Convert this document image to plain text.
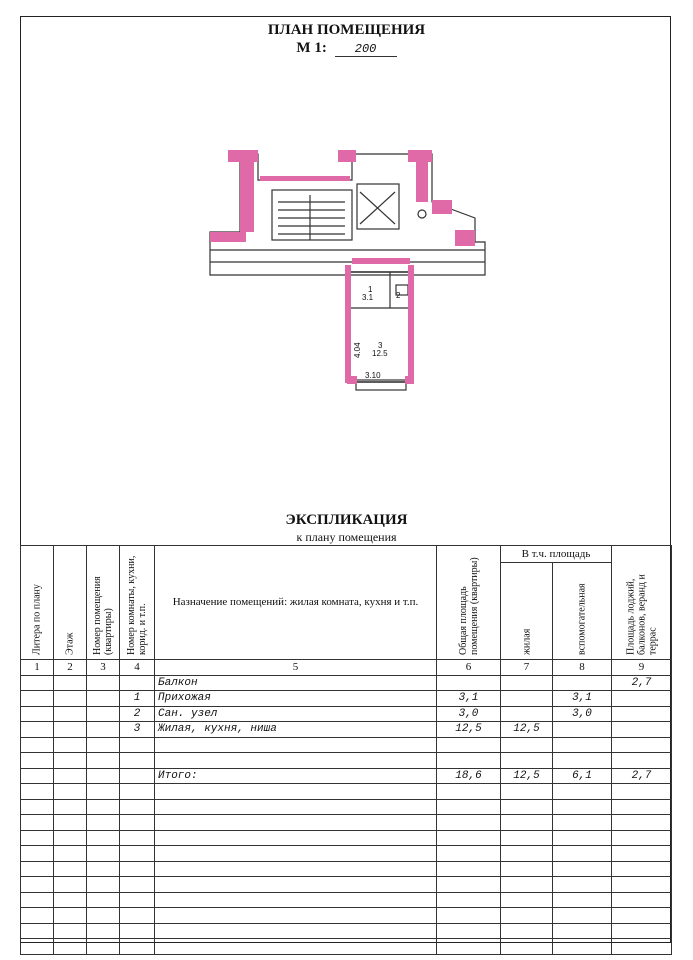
ПЛАН ПОМЕЩЕНИЯ
М 1: 200
1
3.1	2
3
12.5
3.10
4.04
ЭКСПЛИКАЦИЯ
к плану помещения
Литера по плану	Этаж	Номер помещения (квартиры)	Номер комнаты, кухни, корид. и т.п.	Назначение помещений: жилая комната, кухня и т.п.	Общая площадь помещения (квартиры)	В т.ч. площадь		Площадь лоджий, балконов, веранд и террас

						жилая	вспомогательная	

1	2	3	4	5	6	7	8	9
				Балкон				2,7
			1	Прихожая	3,1		3,1	
			2	Сан. узел	3,0		3,0	
			3	Жилая, кухня, ниша	12,5	12,5		

				Итого:	18,6	12,5	6,1	2,7
